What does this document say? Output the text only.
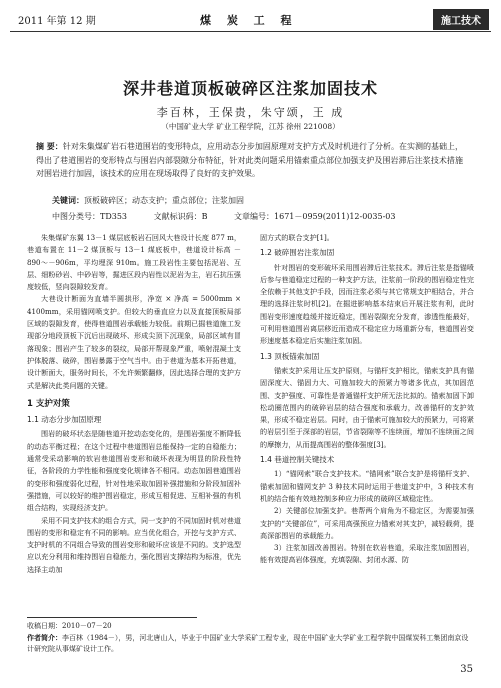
2011 年第 12 期	煤 炭 工 程	施工技术
深井巷道顶板破碎区注浆加固技术
李百林，王保贵，朱守颂，王 成
（中国矿业大学 矿业工程学院，江苏 徐州 221008）
摘 要：针对朱集煤矿岩石巷道围岩的变形特点，应用动态分步加固原理对支护方式及时机进行了分析。在实测的基础上，得出了巷道围岩的变形特点与围岩内部裂隙分布特征，针对此类问题采用锚索重点部位加强支护及围岩滞后注浆技术措施对围岩进行加固，该技术的应用在现场取得了良好的支护效果。
关键词：顶板破碎区；动态支护；重点部位；注浆加固
中图分类号：TD353	文献标识码：B	文章编号：1671－0959(2011)12-0035-03

朱集煤矿东翼 13－1 煤层底板岩石回风大巷设计长度 877 m，巷道布置在 11－2 煤顶板与 13－1 煤底板中，巷道设计标高 －890～－906m，平均埋深 910m。施工段岩性主要包括泥岩、互层、细粉砂岩、中砂岩等，掘进区段内岩性以泥岩为主，岩石抗压强度较低，竖向裂隙较发育。

大巷设计断面为直墙半圆拱形，净宽 × 净高 = 5000mm × 4100mm，采用锚网喷支护。但较大的垂直应力以及直接顶板局部区域的裂隙发育，使得巷道围岩承载能力较低。前期已掘巷道施工发现部分地段顶板下沉后出现破坏、形成尖顶下沉现象，局部区域有冒落现象；围岩产生了较多的裂纹，局部开帮现象严重，喷射混凝土支护体脱落、破碎，围岩暴露于空气当中。由于巷道为基本开拓巷道，设计断面大，服务时间长，不允许频繁翻修，因此选择合理的支护方式是解决此类问题的关键。

1 支护对策
1.1 动态分步加固原理

围岩的破坏状态是随巷道开挖动态变化的，是围岩强度不断降低的动态平衡过程；在这个过程中巷道围岩总能保持一定的自稳能力；通常受采动影响的软岩巷道围岩变形和破坏表现为明显的阶段性特征，各阶段的力学性能和强度变化规律各不相同。动态加固巷道围岩的变形和强度弱化过程，针对性地采取加固补强措施和分阶段加固补强措施，可以较好的维护围岩稳定，形成互相促进、互相补强的有机组合结构，实现经济支护。

采用不同支护技术的组合方式，同一支护的不同加固时机对巷道围岩的变形和稳定有不同的影响。应当优化组合，开挖与支护方式、支护时机的不同组合导致的围岩变形和破坏应该是不同的。支护选型应以充分利用和维持围岩自稳能力，强化围岩支撑结构为标准，优先选择主动加

固方式的联合支护[1]。

1.2 破碎围岩注浆加固

针对围岩的变形破坏采用围岩滞后注浆技术。滞后注浆是指锚喷后参与巷道稳定过程的一种支护方法，注浆前一阶段的围岩稳定性完全依赖于其他支护手段，因而注浆必须与其它常规支护相结合，并合理的选择注浆时机[2]。在掘进影响基本结束后开展注浆有利，此时围岩变形速度趋缓并接近稳定，围岩裂隙充分发育，渗透性能最好，可利用巷道围岩离层移近而造成不稳定应力场重新分布，巷道围岩变形速度基本稳定后实施注浆加固。

1.3 顶板锚索加固

锚索支护采用让压支护原则，与锚杆支护相比，锚索支护具有锚固深度大、锚固力大、可施加较大的预紧力等诸多优点，其加固范围、支护强度、可靠性是普通锚杆支护所无法比拟的。锚索加固下卸松动圈范围内的破碎岩层的结合强度和承载力，改善锚杆的支护效果，形成不稳定岩层。同时，由于锚索可施加较大的预紧力，可将紧的岩层引至于深部的岩层，节省裂隙等不连续面，增加不连续面之间的摩擦力，从而提高围岩的整体强度[3]。

1.4 巷道控制关键技术

1）“锚网索”联合支护技术。“锚网索”联合支护是将锚杆支护、锚索加固和锚网支护 3 种技术同时运用于巷道支护中，3 种技术有机的结合能有效地控制多种应力形成的破碎区域稳定性。

2）关键部位加强支护。巷帮两个肩角为不稳定区，为需要加强支护的“关键部位”，可采用高强预应力锚索对其支护，减轻载荷，提高深部围岩的承载能力。

3）注浆加固改善围岩。特别在软岩巷道，采取注浆加固围岩，能有效提高岩体强度，充填裂隙、封闭水源、防

收稿日期：2010－07－20
作者简介：李百林（1984－），男，河北唐山人，毕业于中国矿业大学采矿工程专业，现在中国矿业大学矿业工程学院中国煤炭科工集团南京设计研究院从事煤矿设计工作。
35
